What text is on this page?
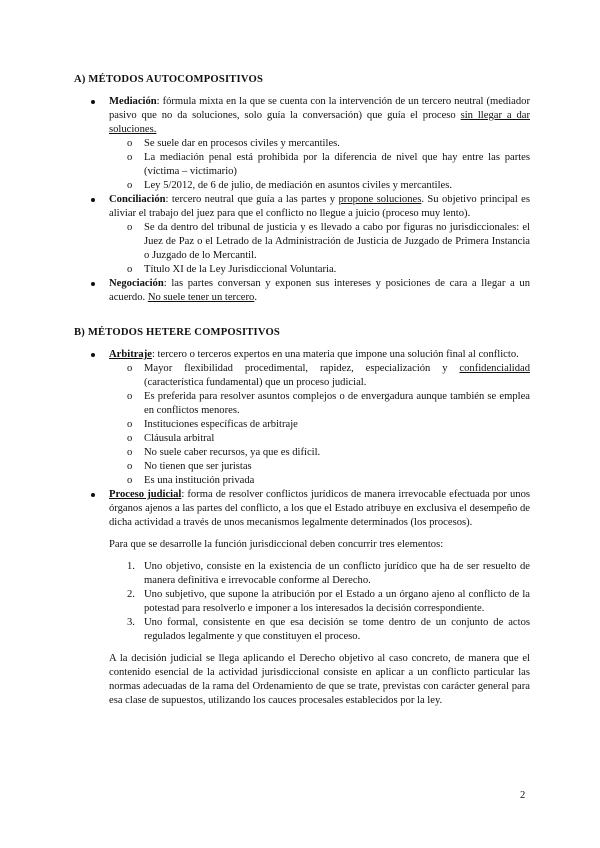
A) MÉTODOS AUTOCOMPOSITIVOS
Mediación: fórmula mixta en la que se cuenta con la intervención de un tercero neutral (mediador pasivo que no da soluciones, solo guía la conversación) que guía el proceso sin llegar a dar soluciones.
o Se suele dar en procesos civiles y mercantiles.
o La mediación penal está prohibida por la diferencia de nivel que hay entre las partes (víctima – victimario)
o Ley 5/2012, de 6 de julio, de mediación en asuntos civiles y mercantiles.
Conciliación: tercero neutral que guía a las partes y propone soluciones. Su objetivo principal es aliviar el trabajo del juez para que el conflicto no llegue a juicio (proceso muy lento).
o Se da dentro del tribunal de justicia y es llevado a cabo por figuras no jurisdiccionales: el Juez de Paz o el Letrado de la Administración de Justicia de Juzgado de Primera Instancia o Juzgado de lo Mercantil.
o Título XI de la Ley Jurisdiccional Voluntaria.
Negociación: las partes conversan y exponen sus intereses y posiciones de cara a llegar a un acuerdo. No suele tener un tercero.
B) MÉTODOS HETERE COMPOSITIVOS
Arbitraje: tercero o terceros expertos en una materia que impone una solución final al conflicto.
o Mayor flexibilidad procedimental, rapidez, especialización y confidencialidad (característica fundamental) que un proceso judicial.
o Es preferida para resolver asuntos complejos o de envergadura aunque también se emplea en conflictos menores.
o Instituciones específicas de arbitraje
o Cláusula arbitral
o No suele caber recursos, ya que es difícil.
o No tienen que ser juristas
o Es una institución privada
Proceso judicial: forma de resolver conflictos jurídicos de manera irrevocable efectuada por unos órganos ajenos a las partes del conflicto, a los que el Estado atribuye en exclusiva el desempeño de dicha actividad a través de unos mecanismos legalmente determinados (los procesos).
Para que se desarrolle la función jurisdiccional deben concurrir tres elementos:
1. Uno objetivo, consiste en la existencia de un conflicto jurídico que ha de ser resuelto de manera definitiva e irrevocable conforme al Derecho.
2. Uno subjetivo, que supone la atribución por el Estado a un órgano ajeno al conflicto de la potestad para resolverlo e imponer a los interesados la decisión correspondiente.
3. Uno formal, consistente en que esa decisión se tome dentro de un conjunto de actos regulados legalmente y que constituyen el proceso.
A la decisión judicial se llega aplicando el Derecho objetivo al caso concreto, de manera que el contenido esencial de la actividad jurisdiccional consiste en aplicar a un conflicto particular las normas adecuadas de la rama del Ordenamiento de que se trate, previstas con carácter general para esa clase de supuestos, utilizando los cauces procesales establecidos por la ley.
2
